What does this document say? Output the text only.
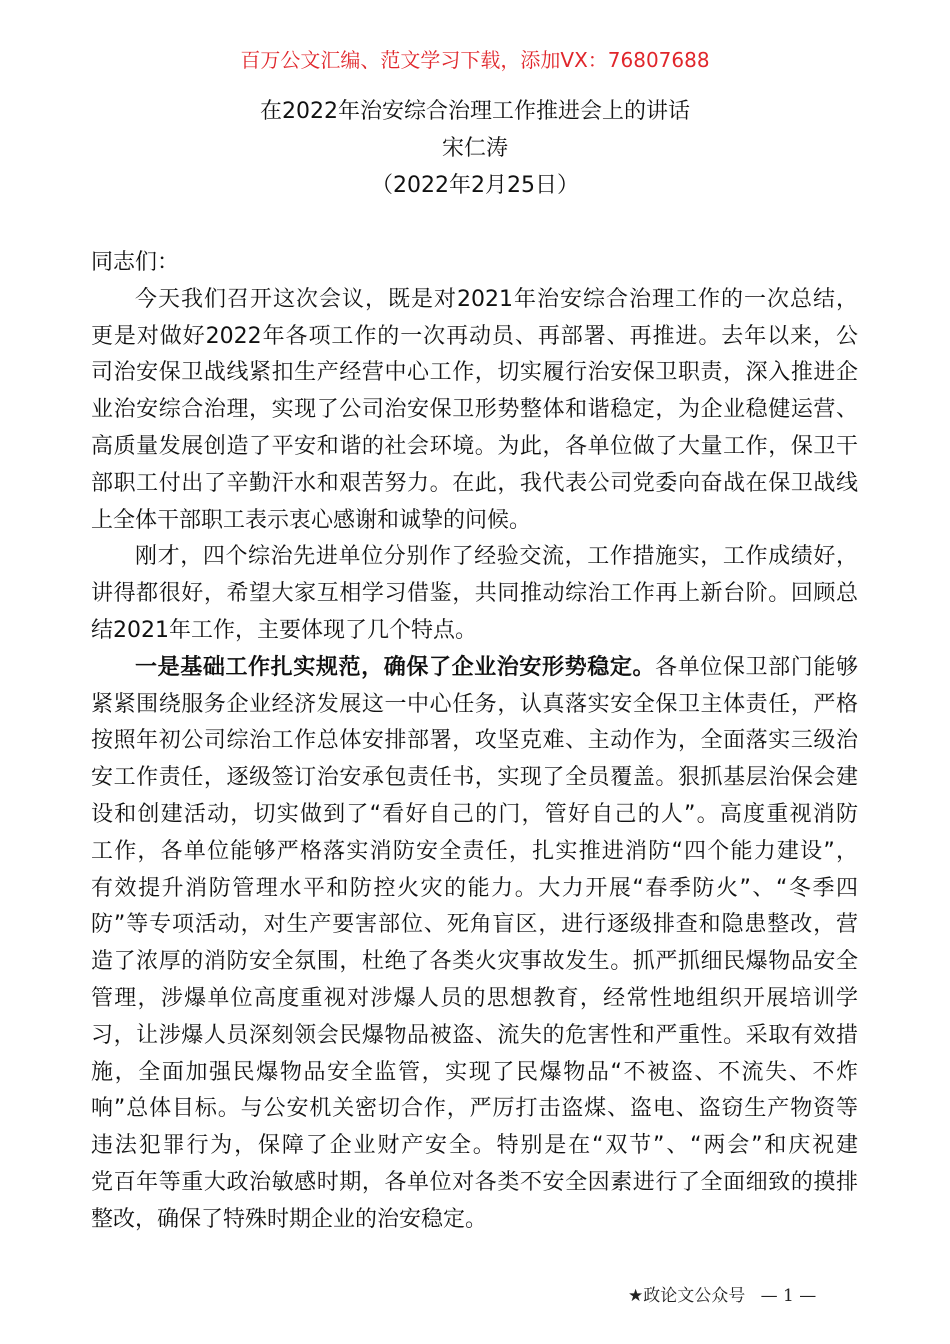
百万公文汇编、范文学习下载，添加VX：76807688
在2022年治安综合治理工作推进会上的讲话
宋仁涛
（2022年2月25日）
同志们：
今天我们召开这次会议，既是对2021年治安综合治理工作的一次总结，
更是对做好2022年各项工作的一次再动员、再部署、再推进。去年以来，公
司治安保卫战线紧扣生产经营中心工作，切实履行治安保卫职责，深入推进企
业治安综合治理，实现了公司治安保卫形势整体和谐稳定，为企业稳健运营、
高质量发展创造了平安和谐的社会环境。为此，各单位做了大量工作，保卫干
部职工付出了辛勤汗水和艰苦努力。在此，我代表公司党委向奋战在保卫战线
上全体干部职工表示衷心感谢和诚挚的问候。
刚才，四个综治先进单位分别作了经验交流，工作措施实，工作成绩好，
讲得都很好，希望大家互相学习借鉴，共同推动综治工作再上新台阶。回顾总
结2021年工作，主要体现了几个特点。
一是基础工作扎实规范，确保了企业治安形势稳定。各单位保卫部门能够
紧紧围绕服务企业经济发展这一中心任务，认真落实安全保卫主体责任，严格
按照年初公司综治工作总体安排部署，攻坚克难、主动作为，全面落实三级治
安工作责任，逐级签订治安承包责任书，实现了全员覆盖。狠抓基层治保会建
设和创建活动，切实做到了“看好自己的门，管好自己的人”。高度重视消防
工作，各单位能够严格落实消防安全责任，扎实推进消防“四个能力建设”，
有效提升消防管理水平和防控火灾的能力。大力开展“春季防火”、“冬季四
防”等专项活动，对生产要害部位、死角盲区，进行逐级排查和隐患整改，营
造了浓厚的消防安全氛围，杜绝了各类火灾事故发生。抓严抓细民爆物品安全
管理，涉爆单位高度重视对涉爆人员的思想教育，经常性地组织开展培训学
习，让涉爆人员深刻领会民爆物品被盗、流失的危害性和严重性。采取有效措
施，全面加强民爆物品安全监管，实现了民爆物品“不被盗、不流失、不炸
响”总体目标。与公安机关密切合作，严厉打击盗煤、盗电、盗窃生产物资等
违法犯罪行为，保障了企业财产安全。特别是在“双节”、“两会”和庆祝建
党百年等重大政治敏感时期，各单位对各类不安全因素进行了全面细致的摸排
整改，确保了特殊时期企业的治安稳定。
★政论文公众号 — 1 —
